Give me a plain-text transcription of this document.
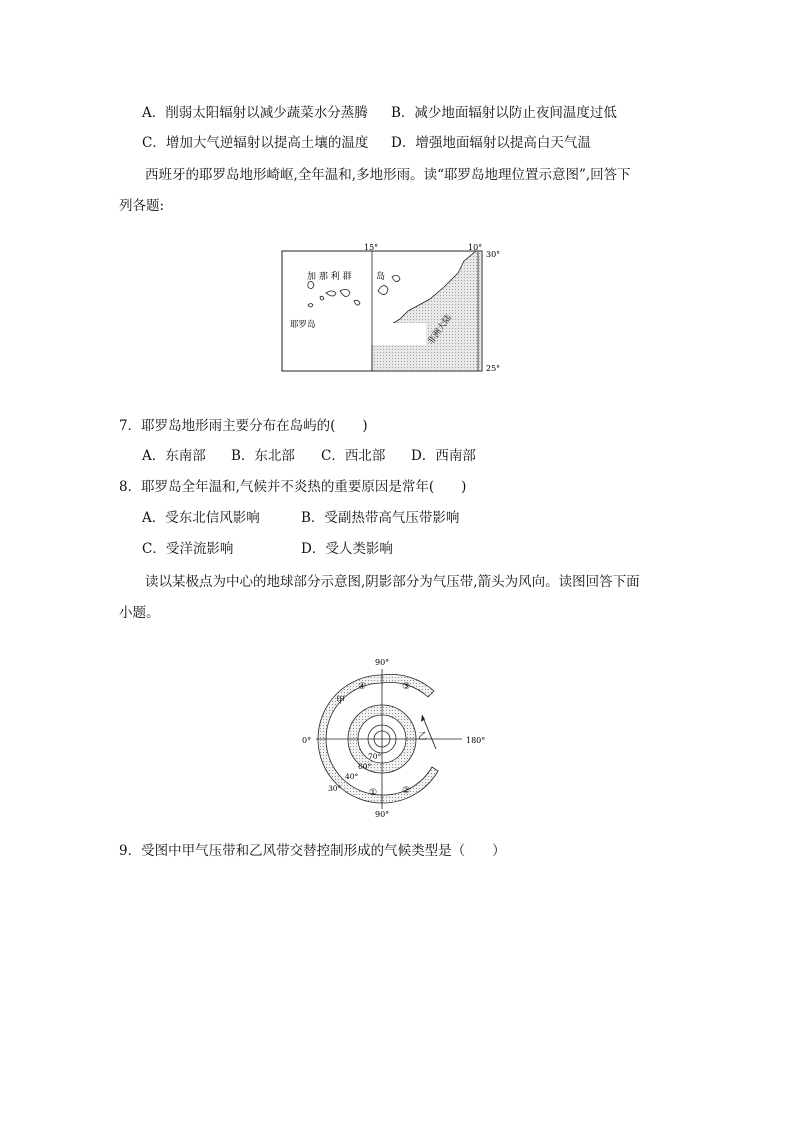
A．削弱太阳辐射以减少蔬菜水分蒸腾 B．减少地面辐射以防止夜间温度过低
C．增加大气逆辐射以提高土壤的温度 D．增强地面辐射以提高白天气温
西班牙的耶罗岛地形崎岖,全年温和,多地形雨。读“耶罗岛地理位置示意图”,回答下
列各题:
15°	10°
30°
25°
加 那 利 群	岛
耶罗岛	非洲大陆
7．耶罗岛地形雨主要分布在岛屿的(　　)
A．东南部 B．东北部 C．西北部 D．西南部
8．耶罗岛全年温和,气候并不炎热的重要原因是常年(　　)
A．受东北信风影响	B．受副热带高气压带影响
C．受洋流影响	D．受人类影响
读以某极点为中心的地球部分示意图,阴影部分为气压带,箭头为风向。读图回答下面
小题。
90°
90°
0°	180°
70°
60°
40°
30°
甲
乙
①	②
③
④
9．受图中甲气压带和乙风带交替控制形成的气候类型是（　　）
